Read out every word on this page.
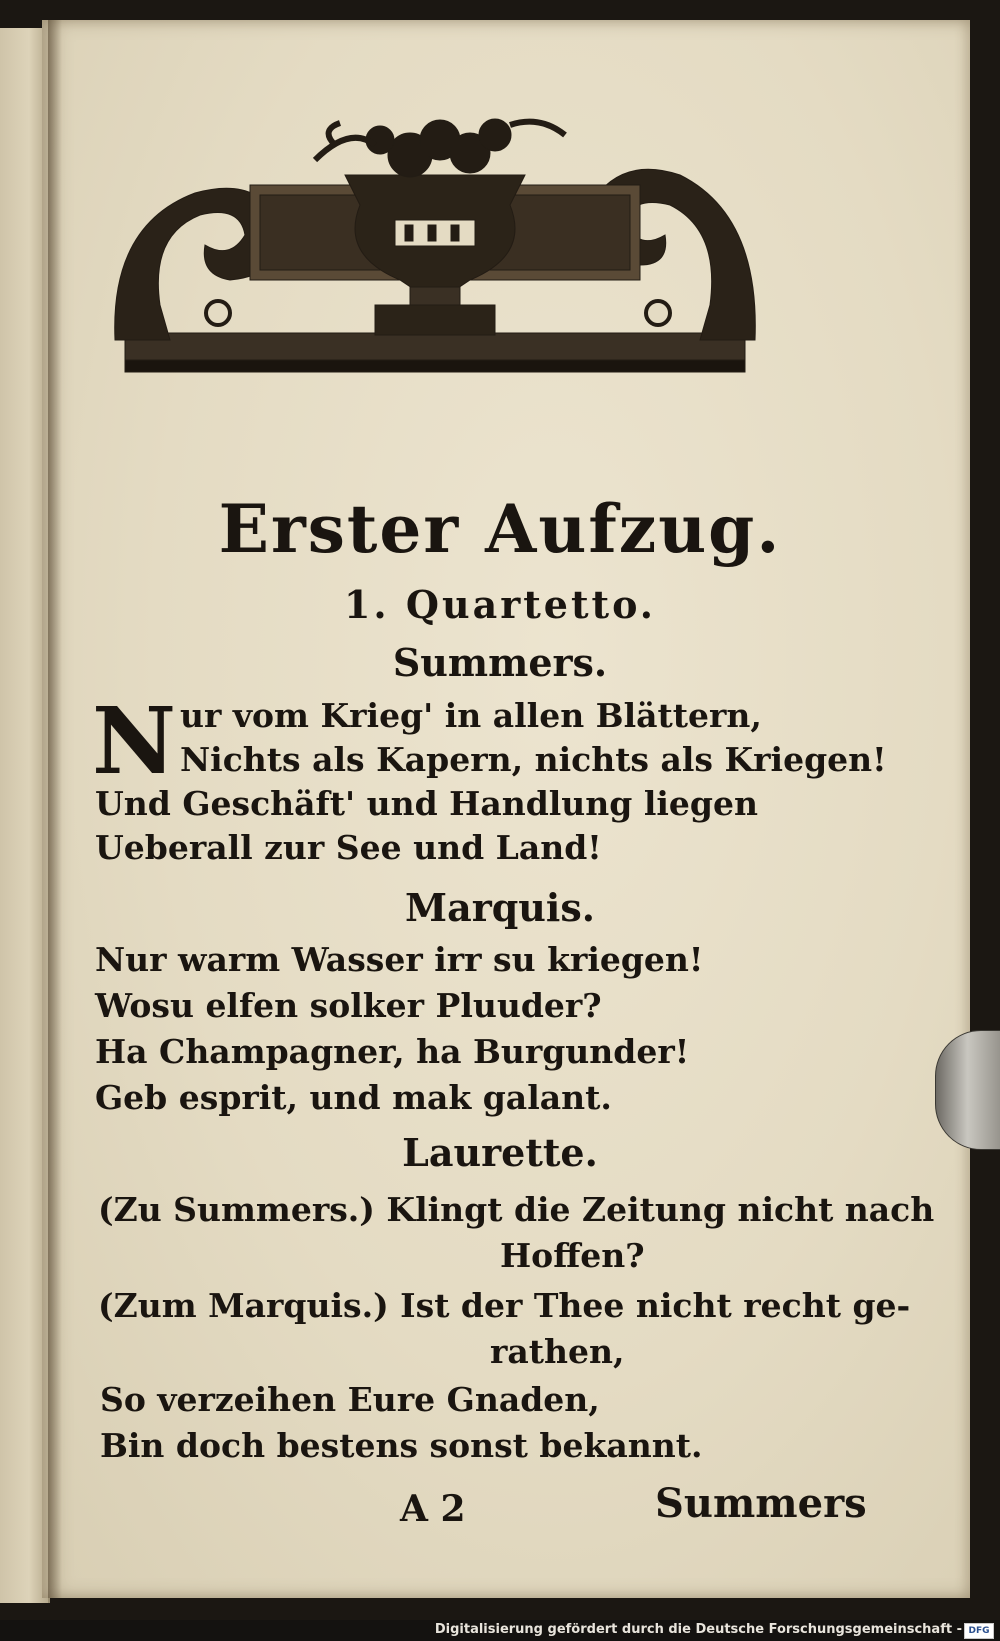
Erster Aufzug.
1. Quartetto.
Summers.
N ur vom Krieg' in allen Blättern,
Nichts als Kapern, nichts als Kriegen!
Und Geschäft' und Handlung liegen
Ueberall zur See und Land!
Marquis.
Nur warm Wasser irr su kriegen!
Wosu elfen solker Pluuder?
Ha Champagner, ha Burgunder!
Geb esprit, und mak galant.
Laurette.
(Zu Summers.) Klingt die Zeitung nicht nach
Hoffen?
(Zum Marquis.) Ist der Thee nicht recht ge-
rathen,
So verzeihen Eure Gnaden,
Bin doch bestens sonst bekannt.
A 2	Summers
Digitalisierung gefördert durch die Deutsche Forschungsgemeinschaft - DFG
